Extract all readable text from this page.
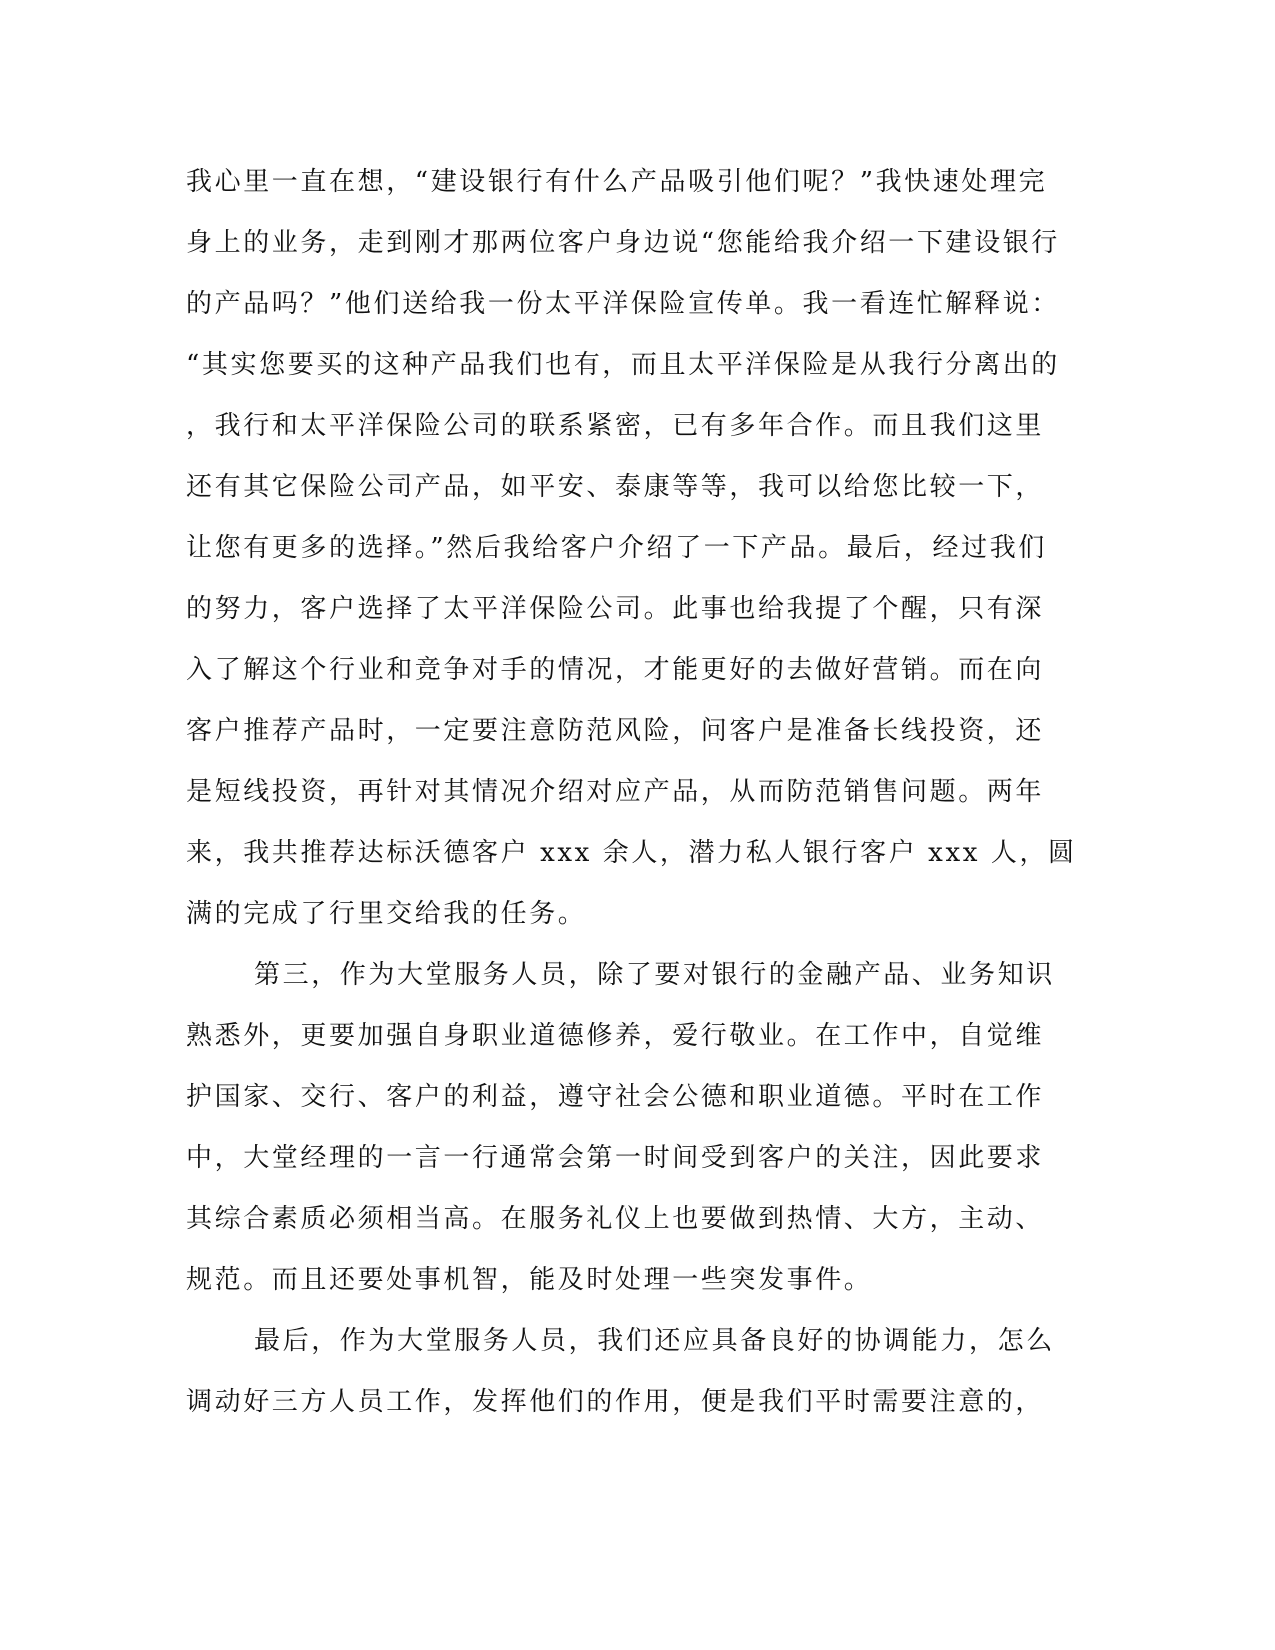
我心里一直在想，“建设银行有什么产品吸引他们呢？”我快速处理完
身上的业务，走到刚才那两位客户身边说“您能给我介绍一下建设银行
的产品吗？”他们送给我一份太平洋保险宣传单。我一看连忙解释说：
“其实您要买的这种产品我们也有，而且太平洋保险是从我行分离出的
，我行和太平洋保险公司的联系紧密，已有多年合作。而且我们这里
还有其它保险公司产品，如平安、泰康等等，我可以给您比较一下，
让您有更多的选择。”然后我给客户介绍了一下产品。最后，经过我们
的努力，客户选择了太平洋保险公司。此事也给我提了个醒，只有深
入了解这个行业和竞争对手的情况，才能更好的去做好营销。而在向
客户推荐产品时，一定要注意防范风险，问客户是准备长线投资，还
是短线投资，再针对其情况介绍对应产品，从而防范销售问题。两年
来，我共推荐达标沃德客户 xxx 余人，潜力私人银行客户 xxx 人，圆
满的完成了行里交给我的任务。
第三，作为大堂服务人员，除了要对银行的金融产品、业务知识
熟悉外，更要加强自身职业道德修养，爱行敬业。在工作中，自觉维
护国家、交行、客户的利益，遵守社会公德和职业道德。平时在工作
中，大堂经理的一言一行通常会第一时间受到客户的关注，因此要求
其综合素质必须相当高。在服务礼仪上也要做到热情、大方，主动、
规范。而且还要处事机智，能及时处理一些突发事件。
最后，作为大堂服务人员，我们还应具备良好的协调能力，怎么
调动好三方人员工作，发挥他们的作用，便是我们平时需要注意的，
